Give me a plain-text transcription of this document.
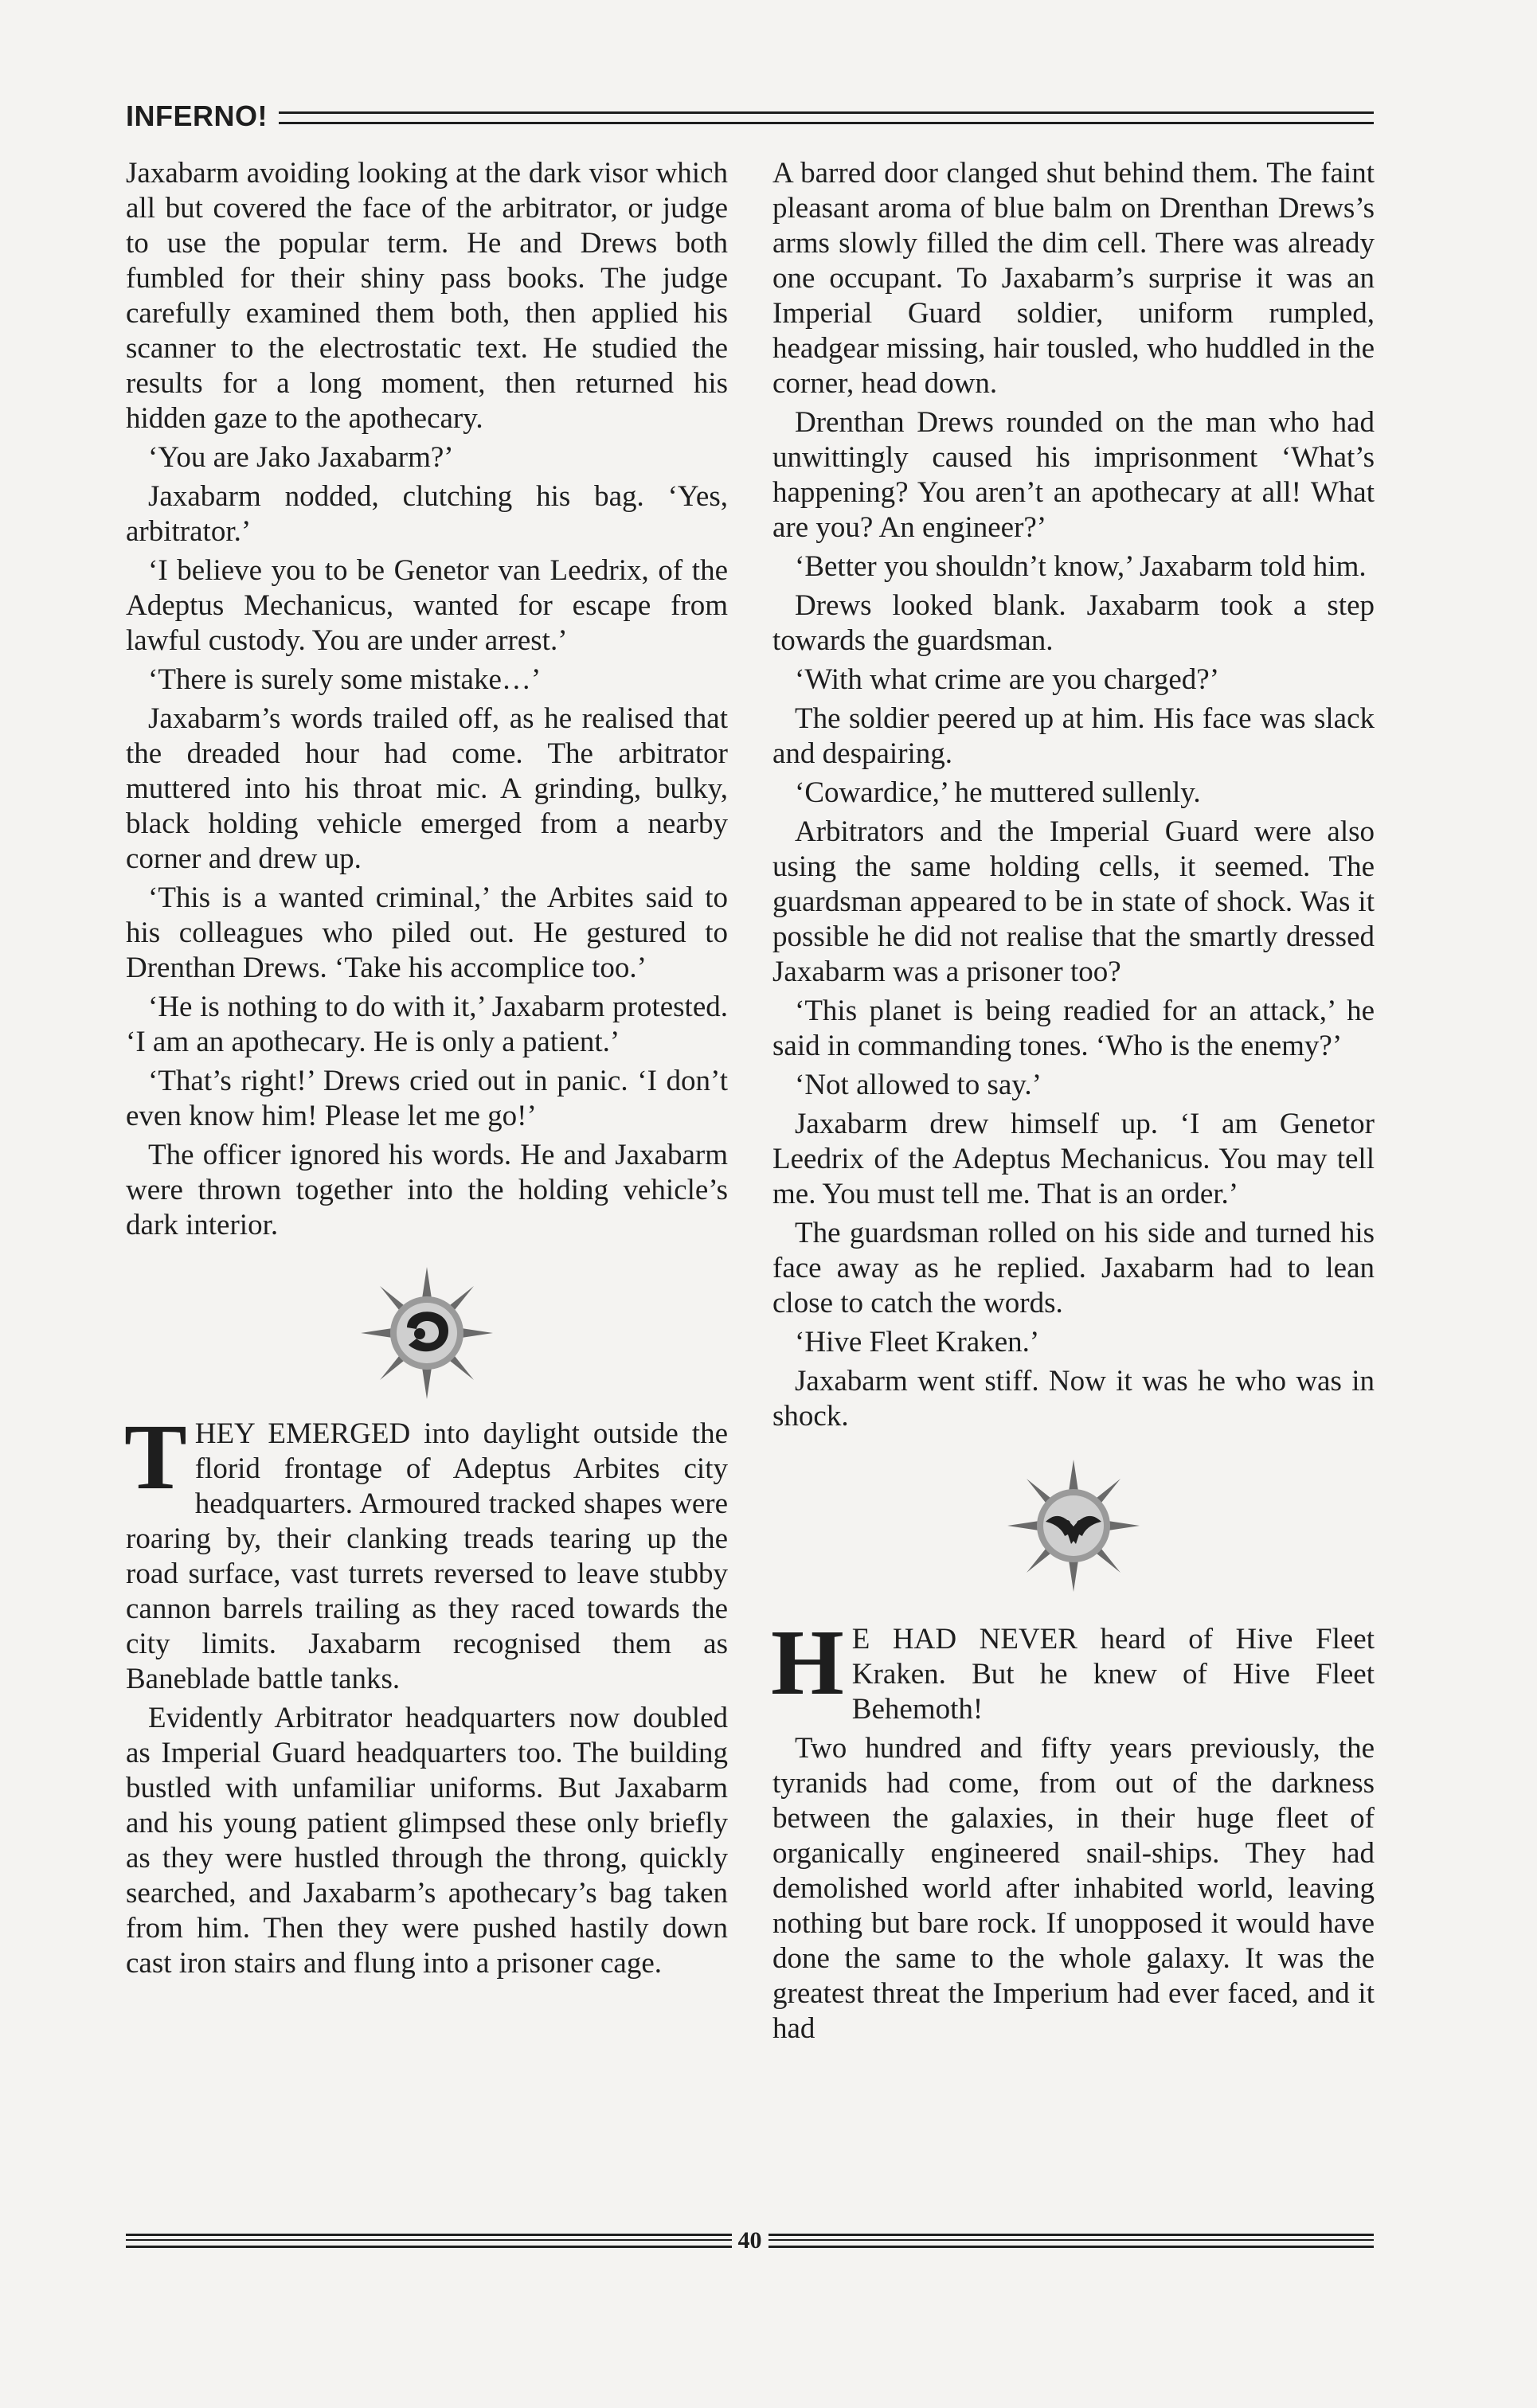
INFERNO!

Jaxabarm avoiding looking at the dark visor which all but covered the face of the arbitrator, or judge to use the popular term. He and Drews both fumbled for their shiny pass books. The judge carefully examined them both, then applied his scanner to the electrostatic text. He studied the results for a long moment, then returned his hidden gaze to the apothecary.

‘You are Jako Jaxabarm?’

Jaxabarm nodded, clutching his bag. ‘Yes, arbitrator.’

‘I believe you to be Genetor van Leedrix, of the Adeptus Mechanicus, wanted for escape from lawful custody. You are under arrest.’

‘There is surely some mistake…’

Jaxabarm’s words trailed off, as he realised that the dreaded hour had come. The arbitrator muttered into his throat mic. A grinding, bulky, black holding vehicle emerged from a nearby corner and drew up.

‘This is a wanted criminal,’ the Arbites said to his colleagues who piled out. He gestured to Drenthan Drews. ‘Take his accomplice too.’

‘He is nothing to do with it,’ Jaxabarm protested. ‘I am an apothecary. He is only a patient.’

‘That’s right!’ Drews cried out in panic. ‘I don’t even know him! Please let me go!’

The officer ignored his words. He and Jaxabarm were thrown together into the holding vehicle’s dark interior.

THEY EMERGED into daylight outside the florid frontage of Adeptus Arbites city headquarters. Armoured tracked shapes were roaring by, their clanking treads tearing up the road surface, vast turrets reversed to leave stubby cannon barrels trailing as they raced towards the city limits. Jaxabarm recognised them as Baneblade battle tanks.

Evidently Arbitrator headquarters now doubled as Imperial Guard headquarters too. The building bustled with unfamiliar uniforms. But Jaxabarm and his young patient glimpsed these only briefly as they were hustled through the throng, quickly searched, and Jaxabarm’s apothecary’s bag taken from him. Then they were pushed hastily down cast iron stairs and flung into a prisoner cage.

A barred door clanged shut behind them. The faint pleasant aroma of blue balm on Drenthan Drews’s arms slowly filled the dim cell. There was already one occupant. To Jaxabarm’s surprise it was an Imperial Guard soldier, uniform rumpled, headgear missing, hair tousled, who huddled in the corner, head down.

Drenthan Drews rounded on the man who had unwittingly caused his imprisonment ‘What’s happening? You aren’t an apothecary at all! What are you? An engineer?’

‘Better you shouldn’t know,’ Jaxabarm told him.

Drews looked blank. Jaxabarm took a step towards the guardsman.

‘With what crime are you charged?’

The soldier peered up at him. His face was slack and despairing.

‘Cowardice,’ he muttered sullenly.

Arbitrators and the Imperial Guard were also using the same holding cells, it seemed. The guardsman appeared to be in state of shock. Was it possible he did not realise that the smartly dressed Jaxabarm was a prisoner too?

‘This planet is being readied for an attack,’ he said in commanding tones. ‘Who is the enemy?’

‘Not allowed to say.’

Jaxabarm drew himself up. ‘I am Genetor Leedrix of the Adeptus Mechanicus. You may tell me. You must tell me. That is an order.’

The guardsman rolled on his side and turned his face away as he replied. Jaxabarm had to lean close to catch the words.

‘Hive Fleet Kraken.’

Jaxabarm went stiff. Now it was he who was in shock.

H E HAD NEVER heard of Hive Fleet Kraken. But he knew of Hive Fleet Behemoth!

Two hundred and fifty years previously, the tyranids had come, from out of the darkness between the galaxies, in their huge fleet of organically engineered snail-ships. They had demolished world after inhabited world, leaving nothing but bare rock. If unopposed it would have done the same to the whole galaxy. It was the greatest threat the Imperium had ever faced, and it had

40
